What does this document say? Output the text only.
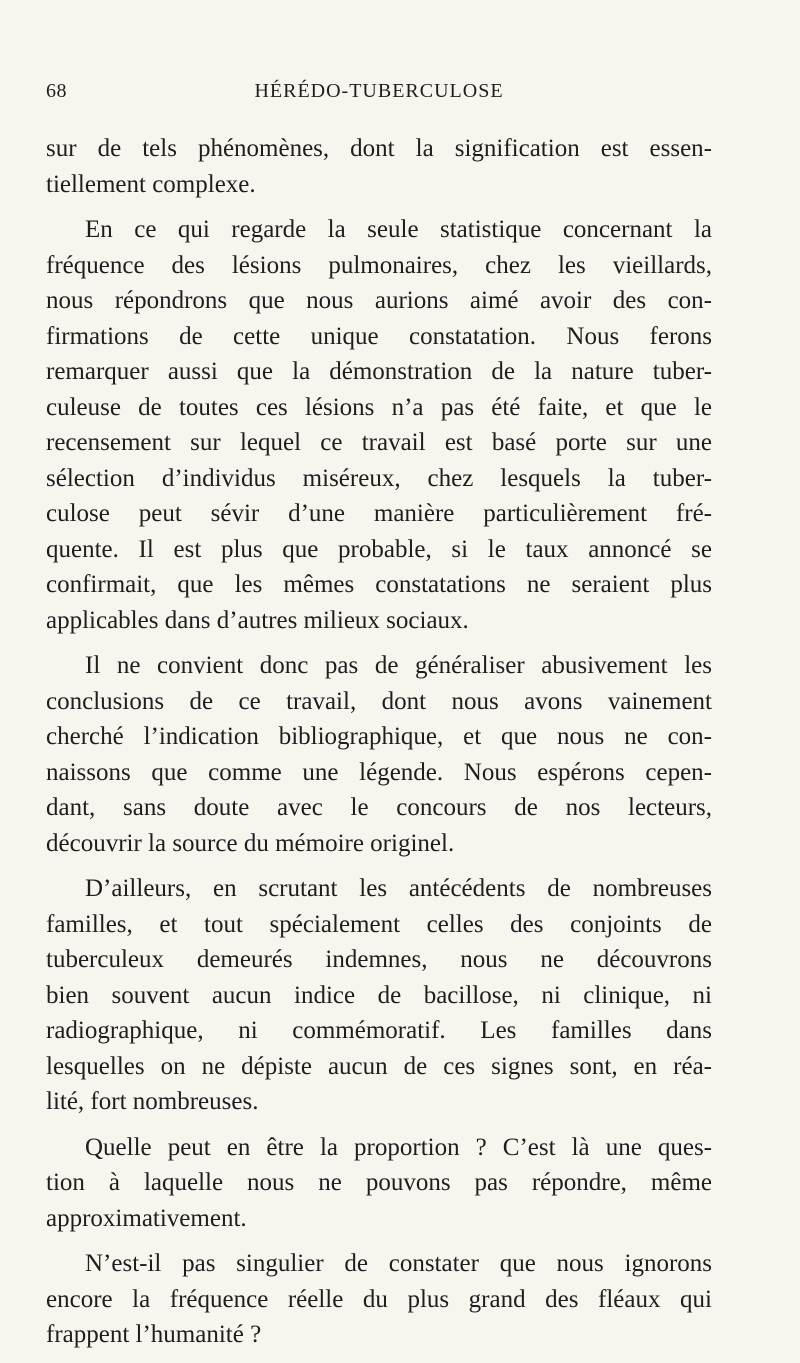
68	HÉRÉDO-TUBERCULOSE

sur de tels phénomènes, dont la signification est essen-
tiellement complexe.

En ce qui regarde la seule statistique concernant la
fréquence des lésions pulmonaires, chez les vieillards,
nous répondrons que nous aurions aimé avoir des con-
firmations de cette unique constatation. Nous ferons
remarquer aussi que la démonstration de la nature tuber-
culeuse de toutes ces lésions n’a pas été faite, et que le
recensement sur lequel ce travail est basé porte sur une
sélection d’individus miséreux, chez lesquels la tuber-
culose peut sévir d’une manière particulièrement fré-
quente. Il est plus que probable, si le taux annoncé se
confirmait, que les mêmes constatations ne seraient plus
applicables dans d’autres milieux sociaux.

Il ne convient donc pas de généraliser abusivement les
conclusions de ce travail, dont nous avons vainement
cherché l’indication bibliographique, et que nous ne con-
naissons que comme une légende. Nous espérons cepen-
dant, sans doute avec le concours de nos lecteurs,
découvrir la source du mémoire originel.

D’ailleurs, en scrutant les antécédents de nombreuses
familles, et tout spécialement celles des conjoints de
tuberculeux demeurés indemnes, nous ne découvrons
bien souvent aucun indice de bacillose, ni clinique, ni
radiographique, ni commémoratif. Les familles dans
lesquelles on ne dépiste aucun de ces signes sont, en réa-
lité, fort nombreuses.

Quelle peut en être la proportion ? C’est là une ques-
tion à laquelle nous ne pouvons pas répondre, même
approximativement.

N’est-il pas singulier de constater que nous ignorons
encore la fréquence réelle du plus grand des fléaux qui
frappent l’humanité ?
